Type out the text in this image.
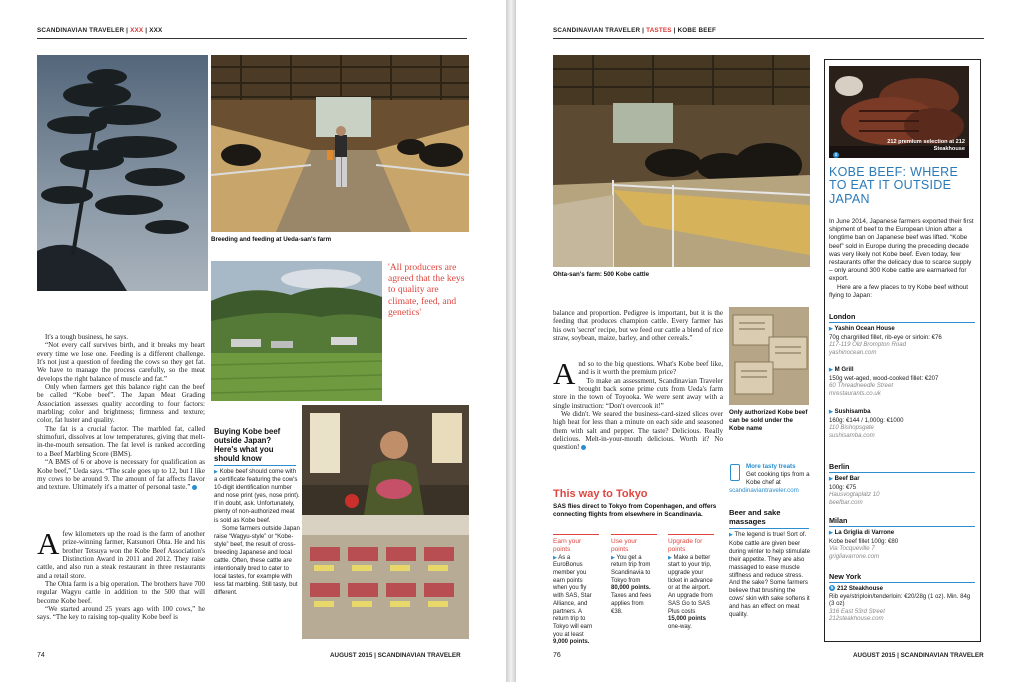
SCANDINAVIAN TRAVELER | XXX | XXX
Breeding and feeding at Ueda-san's farm
'All producers are agreed that the keys to quality are climate, feed, and genetics'
Buying Kobe beef outside Japan? Here's what you should know

▶ Kobe beef should come with a certificate featuring the cow's 10-digit identification number and nose print (yes, nose print). If in doubt, ask. Unfortunately, plenty of non-authorized meat is sold as Kobe beef.

Some farmers outside Japan raise “Wagyu-style” or “Kobe-style” beef, the result of cross-breeding Japanese and local cattle. Often, these cattle are intentionally bred to cater to local tastes, for example with less fat marbling. Still tasty, but different.

It's a tough business, he says.

“Not every calf survives birth, and it breaks my heart every time we lose one. Feeding is a different challenge. It's not just a question of feeding the cows so they get fat. We have to manage the process carefully, so the meat develops the right balance of muscle and fat.”

Only when farmers get this balance right can the beef be called “Kobe beef”. The Japan Meat Grading Association assesses quality according to four factors: marbling; color and brightness; firmness and texture; color, fat luster and quality.

The fat is a crucial factor. The marbled fat, called shimofuri, dissolves at low temperatures, giving that melt-in-the-mouth sensation. The fat level is ranked according to a Beef Marbling Score (BMS).

“A BMS of 6 or above is necessary for qualification as Kobe beef,” Ueda says. “The scale goes up to 12, but I like my cows to be around 9. The amount of fat affects flavor and texture. Ultimately it's a matter of personal taste.”

Afew kilometers up the road is the farm of another prize-winning farmer, Katsunori Ohta. He and his brother Tetsuya won the Kobe Beef Association's Distinction Award in 2011 and 2012. They raise cattle, and also run a steak restaurant in three restaurants and a retail store.

The Ohta farm is a big operation. The brothers have 700 regular Wagyu cattle in addition to the 500 that will become Kobe beef.

“We started around 25 years ago with 100 cows,” he says. “The key to raising top-quality Kobe beef is

74	AUGUST 2015 | SCANDINAVIAN TRAVELER
SCANDINAVIAN TRAVELER | TASTES | KOBE BEEF
Ohta-san's farm: 500 Kobe cattle
Only authorized Kobe beef can be sold under the Kobe name

balance and proportion. Pedigree is important, but it is the feeding that produces champion cattle. Every farmer has his own 'secret' recipe, but we feed our cattle a blend of rice straw, soybean, maize, barley, and other cereals.”

And so to the big questions. What's Kobe beef like, and is it worth the premium price?

To make an assessment, Scandinavian Traveler brought back some prime cuts from Ueda's farm store in the town of Toyooka. We were sent away with a single instruction: “Don't overcook it!”

We didn't. We seared the business-card-sized slices over high heat for less than a minute on each side and seasoned them with salt and pepper. The taste? Delicious. Really delicious. Melt-in-your-mouth delicious. Worth it? No question!

More tasty treats
Get cooking tips from a Kobe chef at
scandinaviantraveler.com
This way to Tokyo
SAS flies direct to Tokyo from Copenhagen, and offers connecting flights from elsewhere in Scandinavia.
Earn your points
▶ As a EuroBonus member you earn points when you fly with SAS, Star Alliance, and partners. A return trip to Tokyo will earn you at least 9,000 points.
Use your points
▶ You get a return trip from Scandinavia to Tokyo from 80,000 points. Taxes and fees applies from €38.
Upgrade for points
▶ Make a better start to your trip, upgrade your ticket in advance or at the airport. An upgrade from SAS Go to SAS Plus costs 15,000 points one-way.
Beer and sake massages
▶ The legend is true! Sort of. Kobe cattle are given beer during winter to help stimulate their appetite. They are also massaged to ease muscle stiffness and reduce stress. And the sake? Some farmers believe that brushing the cows' skin with sake softens it and has an effect on meat quality.
5
212 premium selection at 212 Steakhouse
KOBE BEEF: WHERE TO EAT IT OUTSIDE JAPAN
In June 2014, Japanese farmers exported their first shipment of beef to the European Union after a longtime ban on Japanese beef was lifted. “Kobe beef” sold in Europe during the preceding decade was very likely not Kobe beef. Even today, few restaurants offer the delicacy due to scarce supply – only around 300 Kobe cattle are earmarked for export.
Here are a few places to try Kobe beef without flying to Japan:
London
▶ Yashin Ocean House
70g chargrilled fillet, rib-eye or sirloin: €76
117-119 Old Brompton Road
yashinocean.com
▶ M Grill
150g wet-aged, wood-cooked fillet: €207
60 Threadneedle Street
mrestaurants.co.uk
▶ Sushisamba
160g: €144 / 1,000g: €1000
110 Bishopsgate
sushisamba.com
Berlin
▶ Beef Bar
100g: €75
Hausvogtaplatz 10
beefbar.com
Milan
▶ La Griglia di Varrone
Kobe beef fillet 100g: €80
Via Tocqueville 7
grigliavarrone.com
New York
5 212 Steakhouse
Rib eye/striploin/tenderloin: €20/28g (1 oz). Min. 84g (3 oz)
316 East 53rd Street
212steakhouse.com
76	AUGUST 2015 | SCANDINAVIAN TRAVELER
